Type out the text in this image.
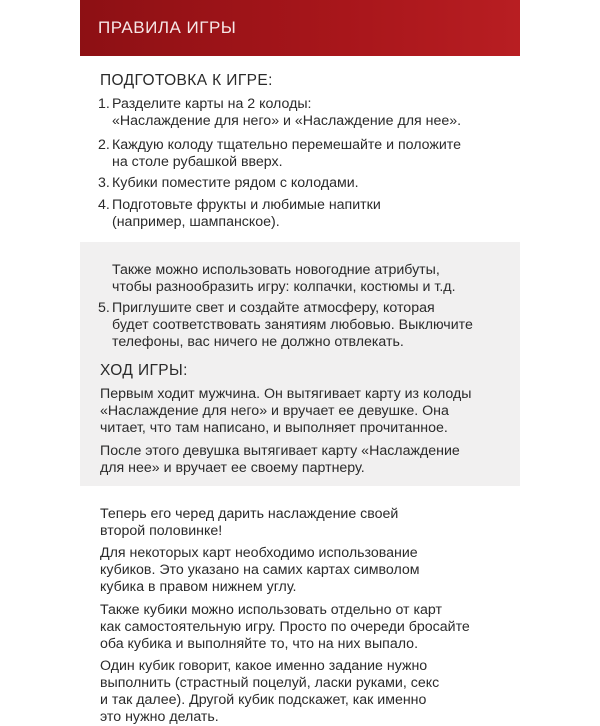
ПРАВИЛА ИГРЫ
ПОДГОТОВКА К ИГРЕ:
1. Разделите карты на 2 колоды:
«Наслаждение для него» и «Наслаждение для нее».
2. Каждую колоду тщательно перемешайте и положите
на столе рубашкой вверх.
3. Кубики поместите рядом с колодами.
4. Подготовьте фрукты и любимые напитки
(например, шампанское).
Также можно использовать новогодние атрибуты,
чтобы разнообразить игру: колпачки, костюмы и т.д.
5. Приглушите свет и создайте атмосферу, которая
будет соответствовать занятиям любовью. Выключите
телефоны, вас ничего не должно отвлекать.
ХОД ИГРЫ:
Первым ходит мужчина. Он вытягивает карту из колоды
«Наслаждение для него» и вручает ее девушке. Она
читает, что там написано, и выполняет прочитанное.
После этого девушка вытягивает карту «Наслаждение
для нее» и вручает ее своему партнеру.
Теперь его черед дарить наслаждение своей
второй половинке!
Для некоторых карт необходимо использование
кубиков. Это указано на самих картах символом
кубика в правом нижнем углу.
Также кубики можно использовать отдельно от карт
как самостоятельную игру. Просто по очереди бросайте
оба кубика и выполняйте то, что на них выпало.
Один кубик говорит, какое именно задание нужно
выполнить (страстный поцелуй, ласки руками, секс
и так далее). Другой кубик подскажет, как именно
это нужно делать.
